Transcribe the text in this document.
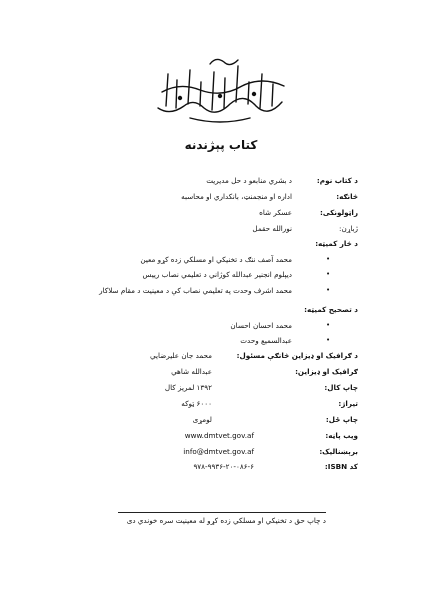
کتاب پېژندنه
د کتاب نوم:
د بشري منابعو د حل مدیریت
څانګه:
اداره او منجمنټ، بانکداري او محاسبه
راټولونکی:
عسکر شاه
ژباړن:
نورالله حقمل
د څار کمیټه:
•
محمد آصف ننګ د تخنیکي او مسلکي زده کړو معین
•
دیپلوم انجنیر عبدالله کوژاني د تعلیمي نصاب رییس
•
محمد اشرف وحدت په تعلیمي نصاب کې د معینیت د مقام سلاکار
د تصحیح کمیټه:
•
محمد احسان احسان
•
عبدالسمیع وحدت
د ګرافیک او ډیزاین څانګې مسئول:
محمد جان علیرضایي
ګرافیک او ډیزاین:
عبدالله شاهي
چاپ کال:
۱۳۹۲ لمریز کال
تیراژ:
۶۰۰۰ ټوکه
چاپ ځل:
لومړی
ویب پاڼه:
www.dmtvet.gov.af
برېښنالیک:
info@dmtvet.gov.af
کد ISBN:
۹۷۸-۹۹۳۶-۲۰-۰۸۶-۶
د چاپ حق د تخنیکي او مسلکي زده کړو له معینیت سره خوندي دی
